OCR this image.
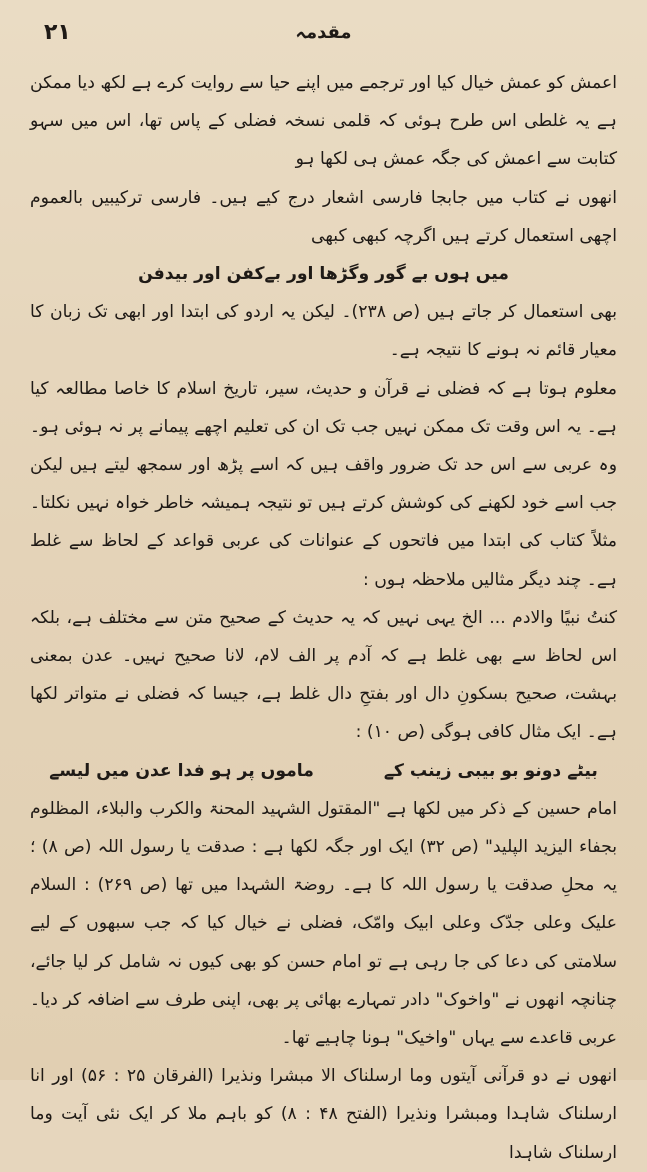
مقدمہ
۲۱

اعمش کو عمش خیال کیا اور ترجمے میں اپنے حیا سے روایت کرے ہے لکھ دیا ممکن ہے یہ غلطی اس طرح ہوئی کہ قلمی نسخہ فضلی کے پاس تھا، اس میں سہو کتابت سے اعمش کی جگہ عمش ہی لکھا ہو

انھوں نے کتاب میں جابجا فارسی اشعار درج کیے ہیں۔ فارسی ترکیبیں بالعموم اچھی استعمال کرتے ہیں اگرچہ کبھی کبھی

میں ہوں بے گور وگڑھا اور بےکفن اور بیدفن

بھی استعمال کر جاتے ہیں (ص ۲۳۸)۔ لیکن یہ اردو کی ابتدا اور ابھی تک زبان کا معیار قائم نہ ہونے کا نتیجہ ہے۔

معلوم ہوتا ہے کہ فضلی نے قرآن و حدیث، سیر، تاریخ اسلام کا خاصا مطالعہ کیا ہے۔ یہ اس وقت تک ممکن نہیں جب تک ان کی تعلیم اچھے پیمانے پر نہ ہوئی ہو۔ وہ عربی سے اس حد تک ضرور واقف ہیں کہ اسے پڑھ اور سمجھ لیتے ہیں لیکن جب اسے خود لکھنے کی کوشش کرتے ہیں تو نتیجہ ہمیشہ خاطر خواہ نہیں نکلتا۔ مثلاً کتاب کی ابتدا میں فاتحوں کے عنوانات کی عربی قواعد کے لحاظ سے غلط ہے۔ چند دیگر مثالیں ملاحظہ ہوں :

کنتُ نبیًا والادم ... الخ یہی نہیں کہ یہ حدیث کے صحیح متن سے مختلف ہے، بلکہ اس لحاظ سے بھی غلط ہے کہ آدم پر الف لام، لانا صحیح نہیں۔ عدن بمعنی بہشت، صحیح بسکونِ دال اور بفتحِ دال غلط ہے، جیسا کہ فضلی نے متواتر لکھا ہے۔ ایک مثال کافی ہوگی (ص ۱۰) :

بیٹے دونو بو بیبی زینب کے
ماموں پر ہو فدا عدن میں لیسے

امام حسین کے ذکر میں لکھا ہے "المقتول الشہید المحنۃ والکرب والبلاء، المظلوم بجفاء الیزید الپلید" (ص ۳۲) ایک اور جگہ لکھا ہے : صدقت یا رسول اللہ (ص ۸) ؛ یہ محلِ صدقت یا رسول اللہ کا ہے۔ روضۃ الشہدا میں تھا (ص ۲۶۹) : السلام علیک وعلی جدّک وعلی ابیک وامّک، فضلی نے خیال کیا کہ جب سبھوں کے لیے سلامتی کی دعا کی جا رہی ہے تو امام حسن کو بھی کیوں نہ شامل کر لیا جائے، چنانچہ انھوں نے "واخوک" دادر تمہارے بھائی پر بھی، اپنی طرف سے اضافہ کر دیا۔ عربی قاعدے سے یہاں "واخیک" ہونا چاہیے تھا۔

انھوں نے دو قرآنی آیتوں وما ارسلناک الا مبشرا ونذیرا (الفرقان ۲۵ : ۵۶) اور انا ارسلناک شاہدا ومبشرا ونذیرا (الفتح ۴۸ : ۸) کو باہم ملا کر ایک نئی آیت وما ارسلناک شاہدا
